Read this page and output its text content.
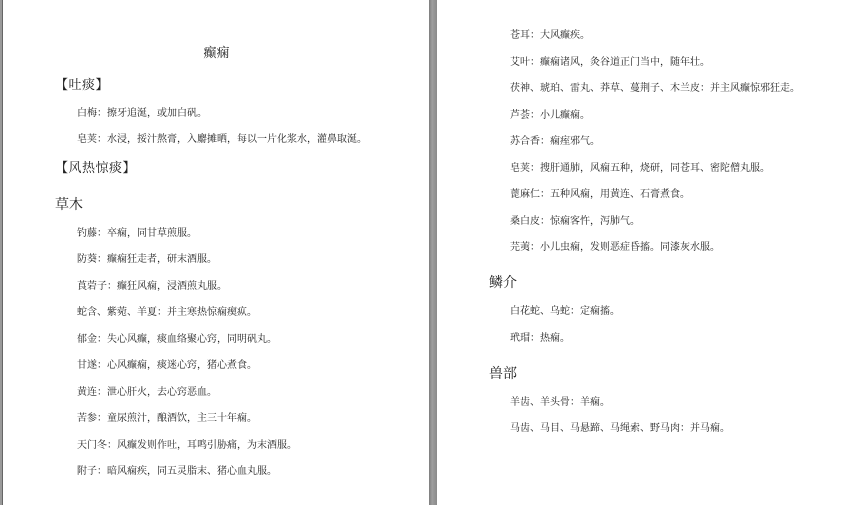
癫痫
【吐痰】
白梅：擦牙追涎，或加白矾。
皂荚：水浸，挼汁熬膏，入麝摊晒，每以一片化浆水，灌鼻取涎。
【风热惊痰】
草木
钓藤：卒痫，同甘草煎服。
防葵：癫痫狂走者，研末酒服。
莨菪子：癫狂风痫，浸酒煎丸服。
蛇含、紫菀、羊夏：并主寒热惊痫瘈疭。
郁金：失心风癫，痰血络聚心窍，同明矾丸。
甘遂：心风癫痫，痰迷心窍，猪心煮食。
黄连：泄心肝火，去心窍恶血。
苦参：童尿煎汁，酿酒饮，主三十年痫。
天门冬：风癫发则作吐，耳鸣引胁痛，为末酒服。
附子：暗风痫疾，同五灵脂末、猪心血丸服。
苍耳：大风癫疾。
艾叶：癫痫诸风，灸谷道正门当中，随年壮。
茯神、琥珀、雷丸、莽草、蔓荆子、木兰皮：并主风癫惊邪狂走。
芦荟：小儿癫痫。
苏合香：痫痓邪气。
皂荚：搜肝通肺，风痫五种，烧研，同苍耳、密陀僧丸服。
蓖麻仁：五种风痫，用黄连、石膏煮食。
桑白皮：惊痫客忤，泻肺气。
芫荑：小儿虫痫，发则恶症昏搐。同漆灰水服。
鳞介
白花蛇、乌蛇：定痫搐。
玳瑁：热痫。
兽部
羊齿、羊头骨：羊痫。
马齿、马目、马悬蹄、马绳索、野马肉：并马痫。
